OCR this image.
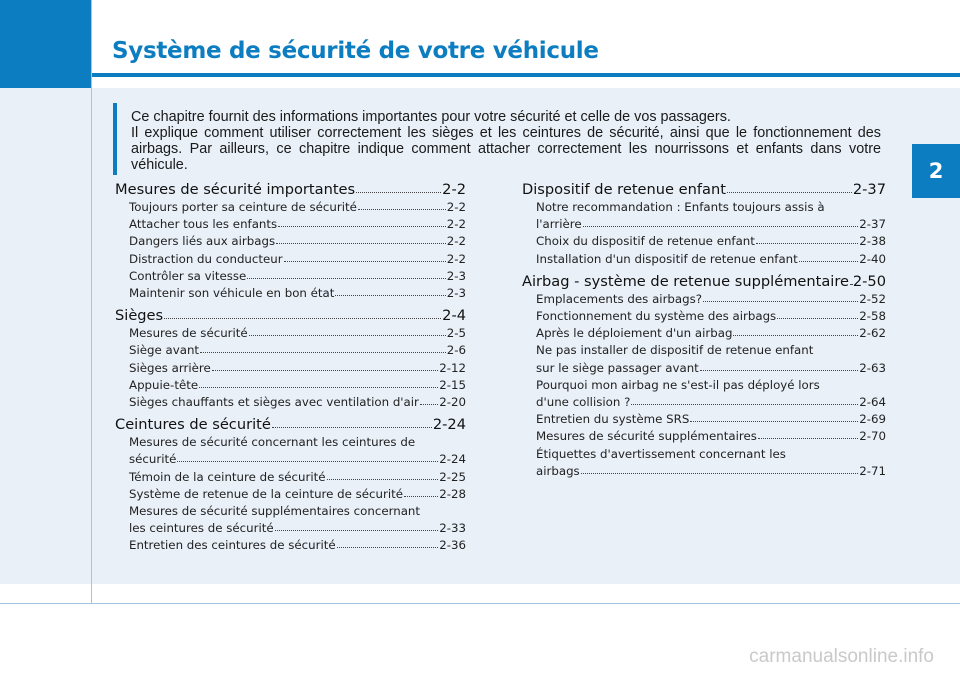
Système de sécurité de votre véhicule

Ce chapitre fournit des informations importantes pour votre sécurité et celle de vos passagers.

Il explique comment utiliser correctement les sièges et les ceintures de sécurité, ainsi que le fonctionnement des airbags. Par ailleurs, ce chapitre indique comment attacher correctement les nourrissons et enfants dans votre véhicule.	2
Mesures de sécurité importantes	2-2
Toujours porter sa ceinture de sécurité	2-2
Attacher tous les enfants	2-2
Dangers liés aux airbags	2-2
Distraction du conducteur	2-2
Contrôler sa vitesse	2-3
Maintenir son véhicule en bon état	2-3
Sièges	2-4
Mesures de sécurité	2-5
Siège avant	2-6
Sièges arrière	2-12
Appuie-tête	2-15
Sièges chauffants et sièges avec ventilation d'air 2-20
Ceintures de sécurité	2-24
Mesures de sécurité concernant les ceintures de
sécurité	2-24
Témoin de la ceinture de sécurité	2-25
Système de retenue de la ceinture de sécurité	2-28
Mesures de sécurité supplémentaires concernant
les ceintures de sécurité	2-33
Entretien des ceintures de sécurité	2-36
Dispositif de retenue enfant	2-37
Notre recommandation : Enfants toujours assis à
l'arrière	2-37
Choix du dispositif de retenue enfant	2-38
Installation d'un dispositif de retenue enfant	2-40
Airbag - système de retenue supplémentaire 2-50
Emplacements des airbags?	2-52
Fonctionnement du système des airbags	2-58
Après le déploiement d'un airbag	2-62
Ne pas installer de dispositif de retenue enfant
sur le siège passager avant	2-63
Pourquoi mon airbag ne s'est-il pas déployé lors
d'une collision ?	2-64
Entretien du système SRS	2-69
Mesures de sécurité supplémentaires	2-70
Étiquettes d'avertissement concernant les
airbags	2-71
carmanualsonline.info
